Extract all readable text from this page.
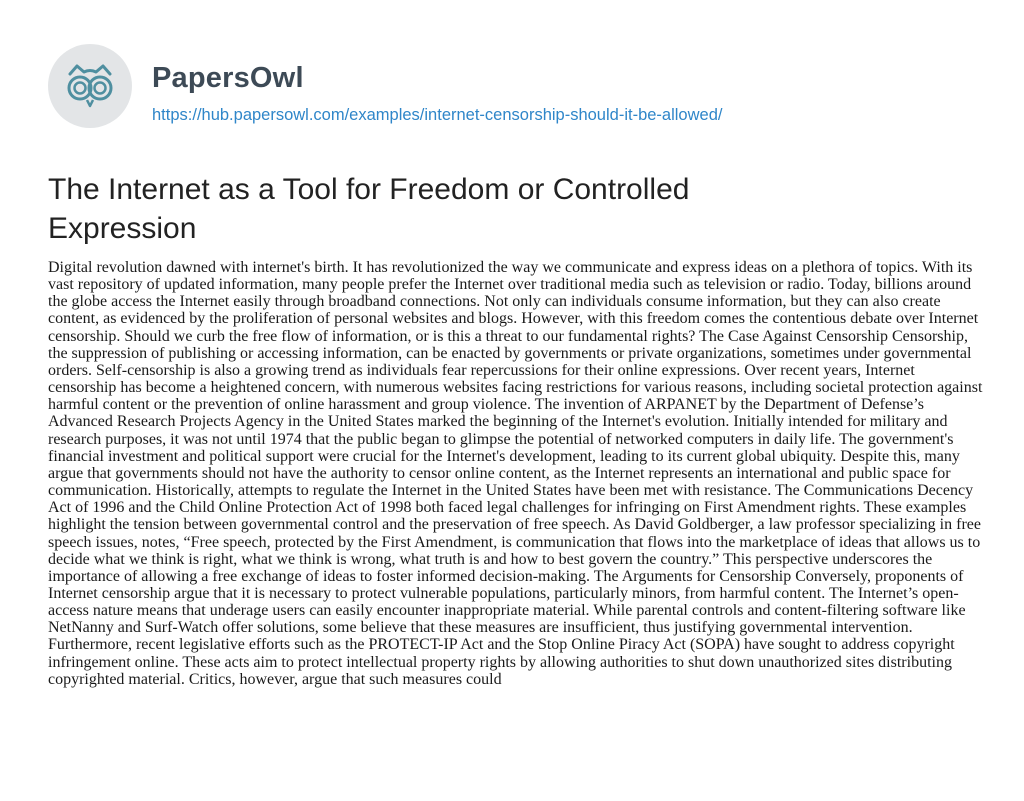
PapersOwl
https://hub.papersowl.com/examples/internet-censorship-should-it-be-allowed/
The Internet as a Tool for Freedom or Controlled Expression

Digital revolution dawned with internet's birth. It has revolutionized the way we communicate and express ideas on a plethora of topics. With its vast repository of updated information, many people prefer the Internet over traditional media such as television or radio. Today, billions around the globe access the Internet easily through broadband connections. Not only can individuals consume information, but they can also create content, as evidenced by the proliferation of personal websites and blogs. However, with this freedom comes the contentious debate over Internet censorship. Should we curb the free flow of information, or is this a threat to our fundamental rights? The Case Against Censorship Censorship, the suppression of publishing or accessing information, can be enacted by governments or private organizations, sometimes under governmental orders. Self-censorship is also a growing trend as individuals fear repercussions for their online expressions. Over recent years, Internet censorship has become a heightened concern, with numerous websites facing restrictions for various reasons, including societal protection against harmful content or the prevention of online harassment and group violence. The invention of ARPANET by the Department of Defense’s Advanced Research Projects Agency in the United States marked the beginning of the Internet's evolution. Initially intended for military and research purposes, it was not until 1974 that the public began to glimpse the potential of networked computers in daily life. The government's financial investment and political support were crucial for the Internet's development, leading to its current global ubiquity. Despite this, many argue that governments should not have the authority to censor online content, as the Internet represents an international and public space for communication. Historically, attempts to regulate the Internet in the United States have been met with resistance. The Communications Decency Act of 1996 and the Child Online Protection Act of 1998 both faced legal challenges for infringing on First Amendment rights. These examples highlight the tension between governmental control and the preservation of free speech. As David Goldberger, a law professor specializing in free speech issues, notes, “Free speech, protected by the First Amendment, is communication that flows into the marketplace of ideas that allows us to decide what we think is right, what we think is wrong, what truth is and how to best govern the country.” This perspective underscores the importance of allowing a free exchange of ideas to foster informed decision-making. The Arguments for Censorship Conversely, proponents of Internet censorship argue that it is necessary to protect vulnerable populations, particularly minors, from harmful content. The Internet’s open-access nature means that underage users can easily encounter inappropriate material. While parental controls and content-filtering software like NetNanny and Surf-Watch offer solutions, some believe that these measures are insufficient, thus justifying governmental intervention. Furthermore, recent legislative efforts such as the PROTECT-IP Act and the Stop Online Piracy Act (SOPA) have sought to address copyright infringement online. These acts aim to protect intellectual property rights by allowing authorities to shut down unauthorized sites distributing copyrighted material. Critics, however, argue that such measures could
